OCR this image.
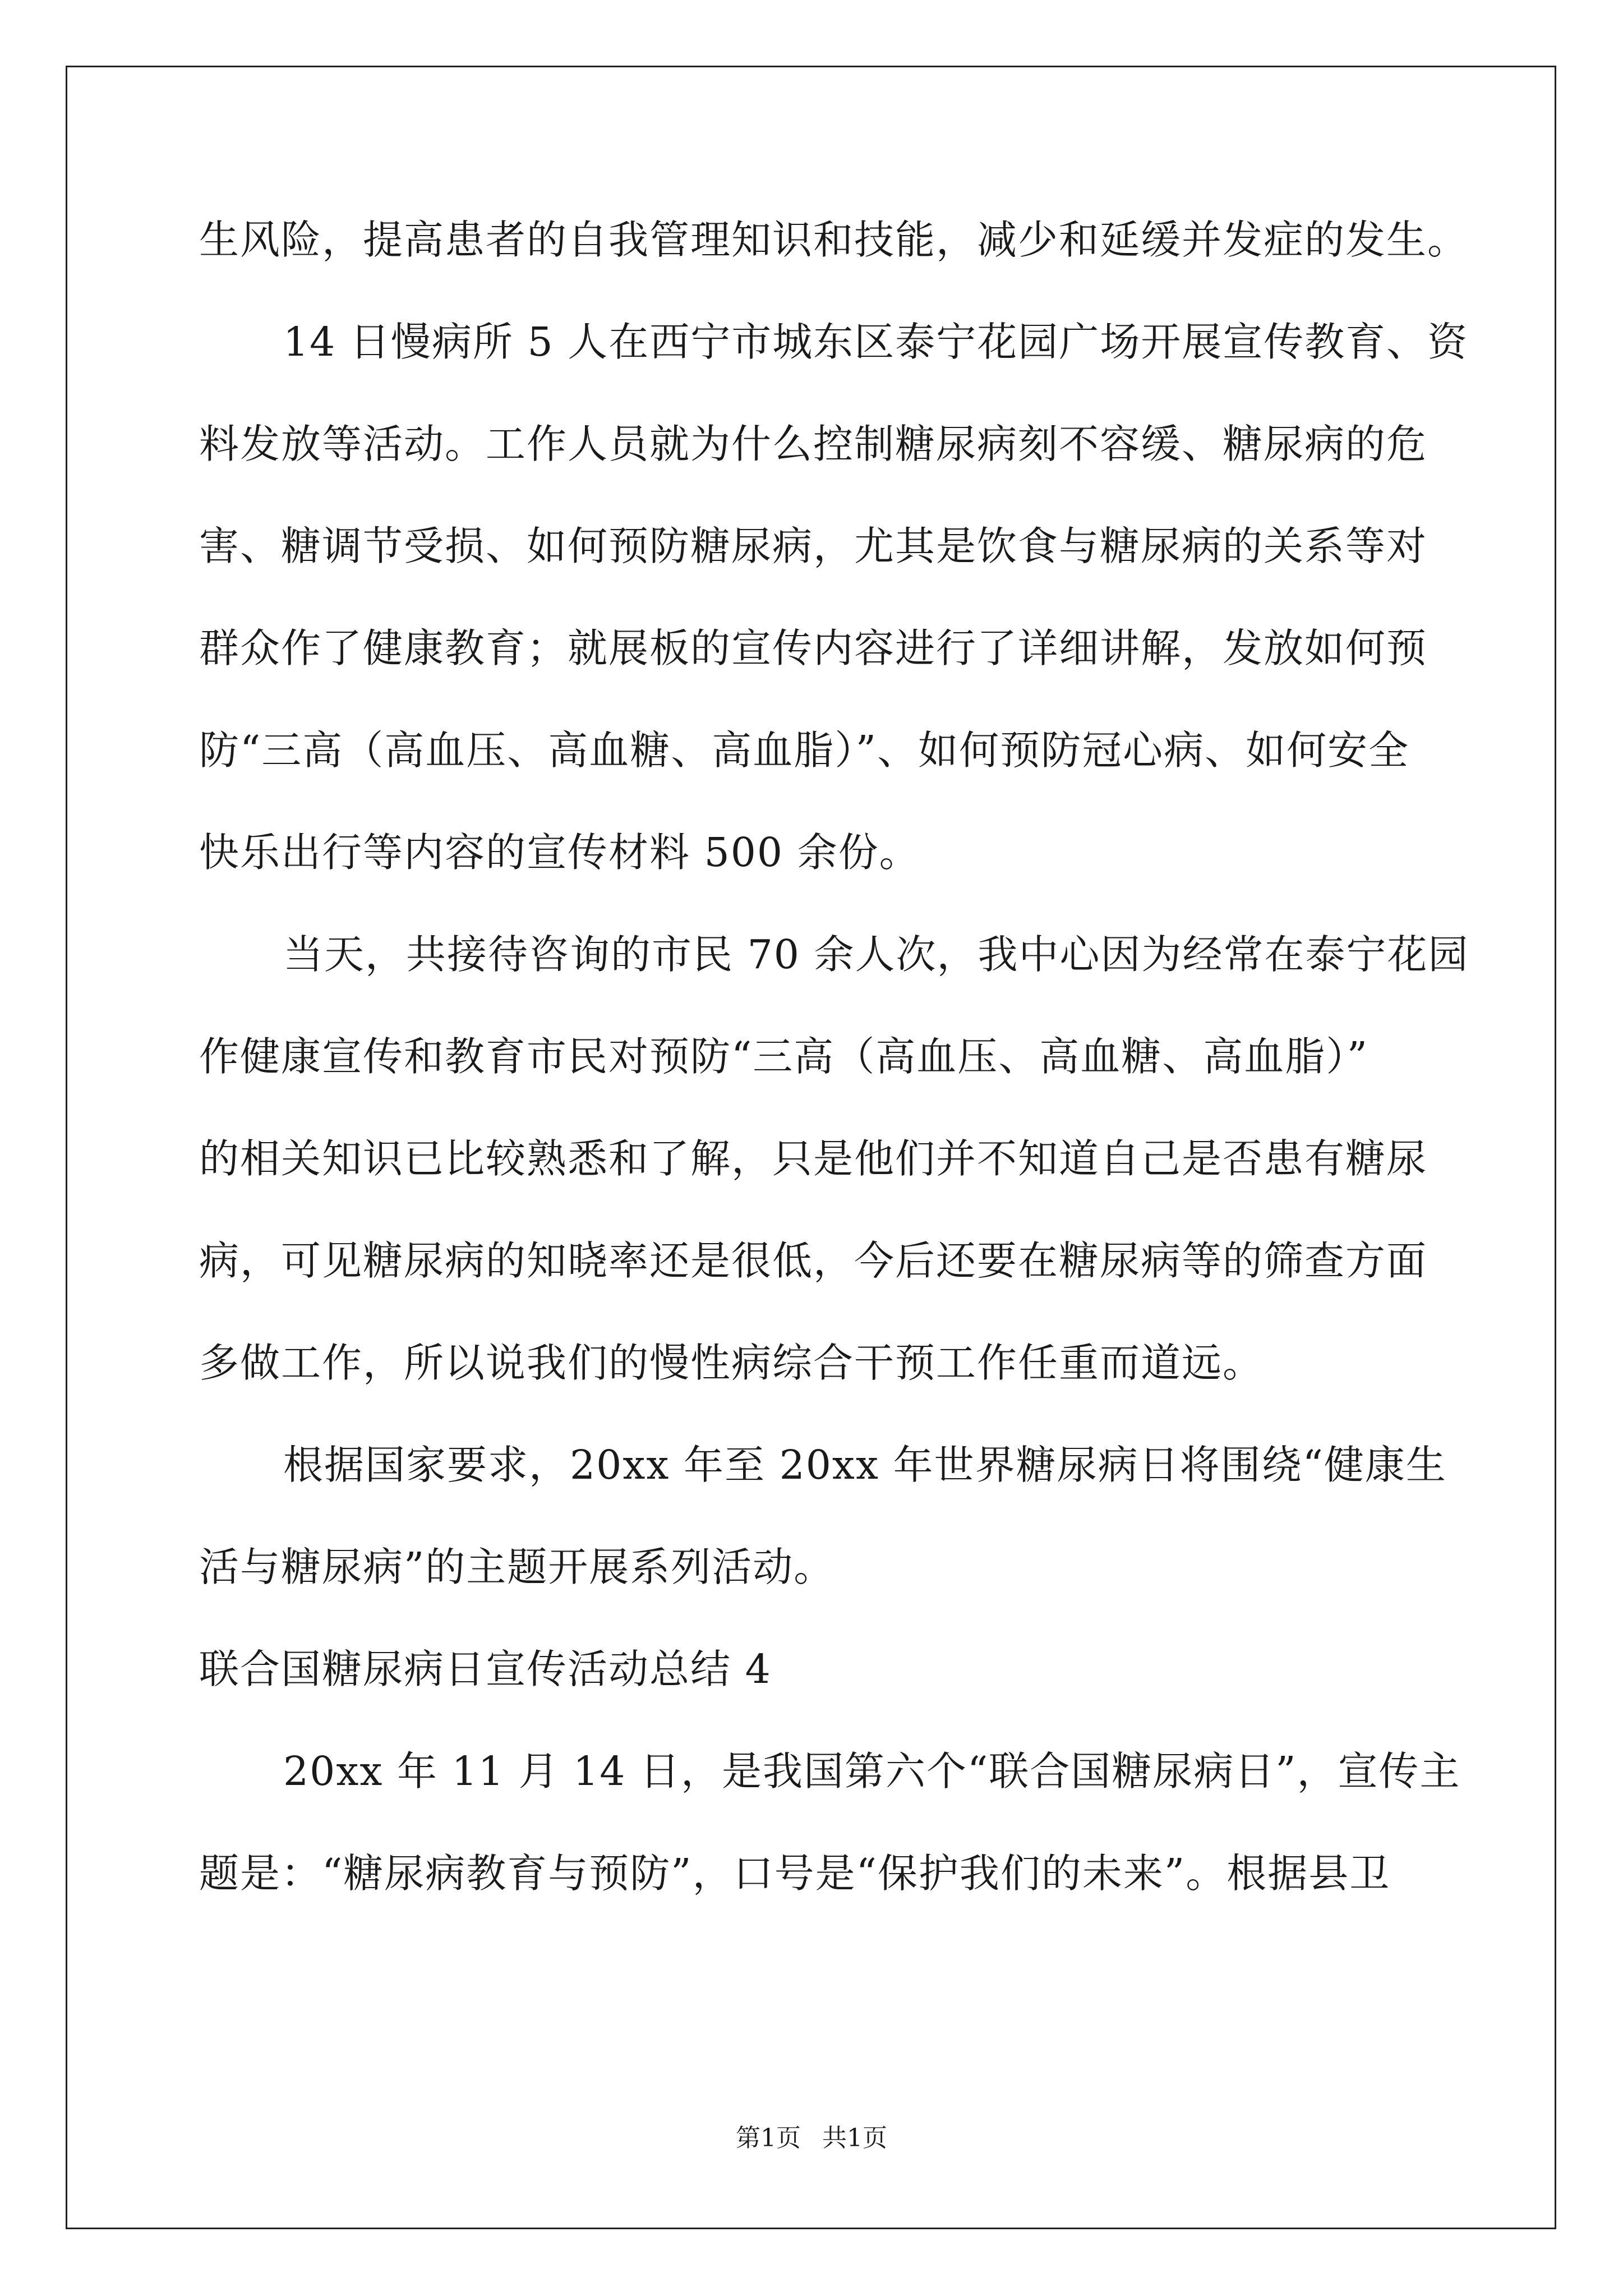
生风险，提高患者的自我管理知识和技能，减少和延缓并发症的发生。
14 日慢病所 5 人在西宁市城东区泰宁花园广场开展宣传教育、资
料发放等活动。工作人员就为什么控制糖尿病刻不容缓、糖尿病的危
害、糖调节受损、如何预防糖尿病，尤其是饮食与糖尿病的关系等对
群众作了健康教育；就展板的宣传内容进行了详细讲解，发放如何预
防“三高（高血压、高血糖、高血脂）”、如何预防冠心病、如何安全
快乐出行等内容的宣传材料 500 余份。
当天，共接待咨询的市民 70 余人次，我中心因为经常在泰宁花园
作健康宣传和教育市民对预防“三高（高血压、高血糖、高血脂）”
的相关知识已比较熟悉和了解，只是他们并不知道自己是否患有糖尿
病，可见糖尿病的知晓率还是很低，今后还要在糖尿病等的筛查方面
多做工作，所以说我们的慢性病综合干预工作任重而道远。
根据国家要求，20xx 年至 20xx 年世界糖尿病日将围绕“健康生
活与糖尿病”的主题开展系列活动。
联合国糖尿病日宣传活动总结 4
20xx 年 11 月 14 日，是我国第六个“联合国糖尿病日”，宣传主
题是：“糖尿病教育与预防”，口号是“保护我们的未来”。根据县卫
第1页 共1页
